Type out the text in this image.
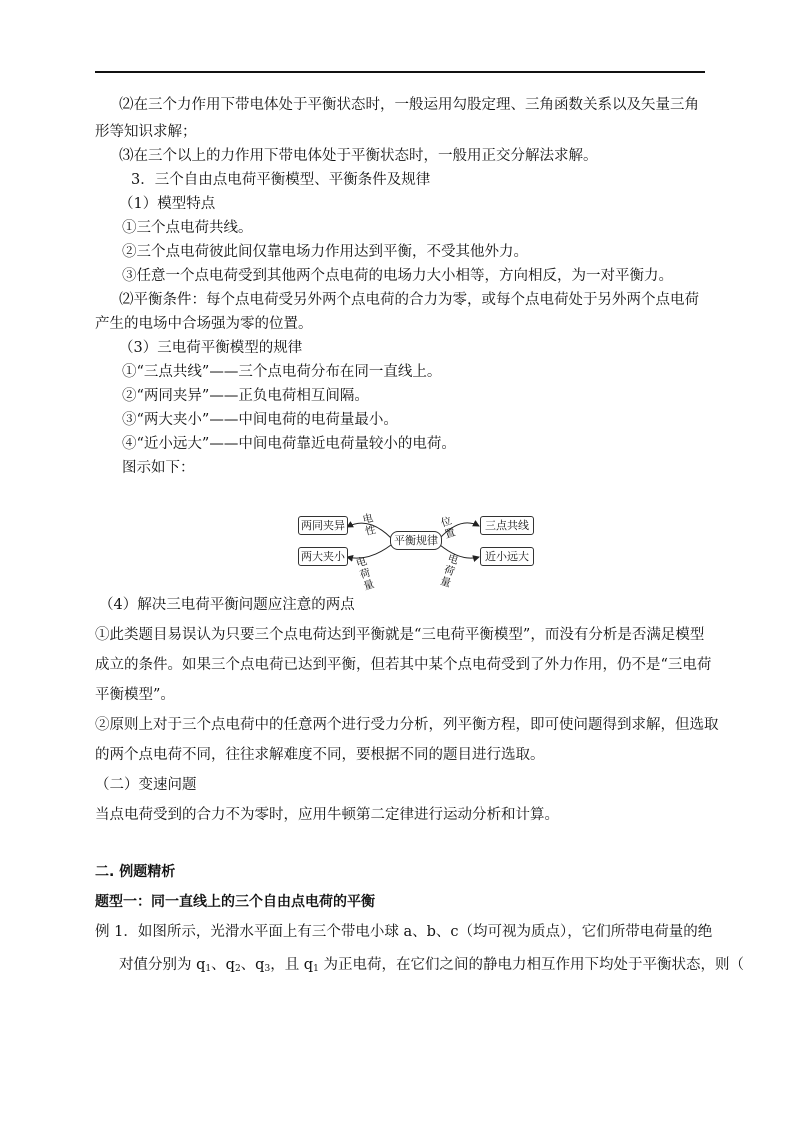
⑵在三个力作用下带电体处于平衡状态时，一般运用勾股定理、三角函数关系以及矢量三角
形等知识求解；
⑶在三个以上的力作用下带电体处于平衡状态时，一般用正交分解法求解。
3．三个自由点电荷平衡模型、平衡条件及规律
（1）模型特点
①三个点电荷共线。
②三个点电荷彼此间仅靠电场力作用达到平衡，不受其他外力。
③任意一个点电荷受到其他两个点电荷的电场力大小相等，方向相反，为一对平衡力。
⑵平衡条件：每个点电荷受另外两个点电荷的合力为零，或每个点电荷处于另外两个点电荷
产生的电场中合场强为零的位置。
（3）三电荷平衡模型的规律
①“三点共线”——三个点电荷分布在同一直线上。
②“两同夹异”——正负电荷相互间隔。
③“两大夹小”——中间电荷的电荷量最小。
④“近小远大”——中间电荷靠近电荷量较小的电荷。
图示如下：
两同夹异
两大夹小
平衡规律
三点共线
近小远大
电性
电荷量
位置
电荷量
（4）解决三电荷平衡问题应注意的两点
①此类题目易误认为只要三个点电荷达到平衡就是“三电荷平衡模型”，而没有分析是否满足模型
成立的条件。如果三个点电荷已达到平衡，但若其中某个点电荷受到了外力作用，仍不是“三电荷
平衡模型”。
②原则上对于三个点电荷中的任意两个进行受力分析，列平衡方程，即可使问题得到求解，但选取
的两个点电荷不同，往往求解难度不同，要根据不同的题目进行选取。
（二）变速问题
当点电荷受到的合力不为零时，应用牛顿第二定律进行运动分析和计算。
二. 例题精析
题型一：同一直线上的三个自由点电荷的平衡
例 1．如图所示，光滑水平面上有三个带电小球 a、b、c（均可视为质点），它们所带电荷量的绝
对值分别为 $q_1$、$q_2$、$q_3$，且 $q_1$ 为正电荷，在它们之间的静电力相互作用下均处于平衡状态，则（
